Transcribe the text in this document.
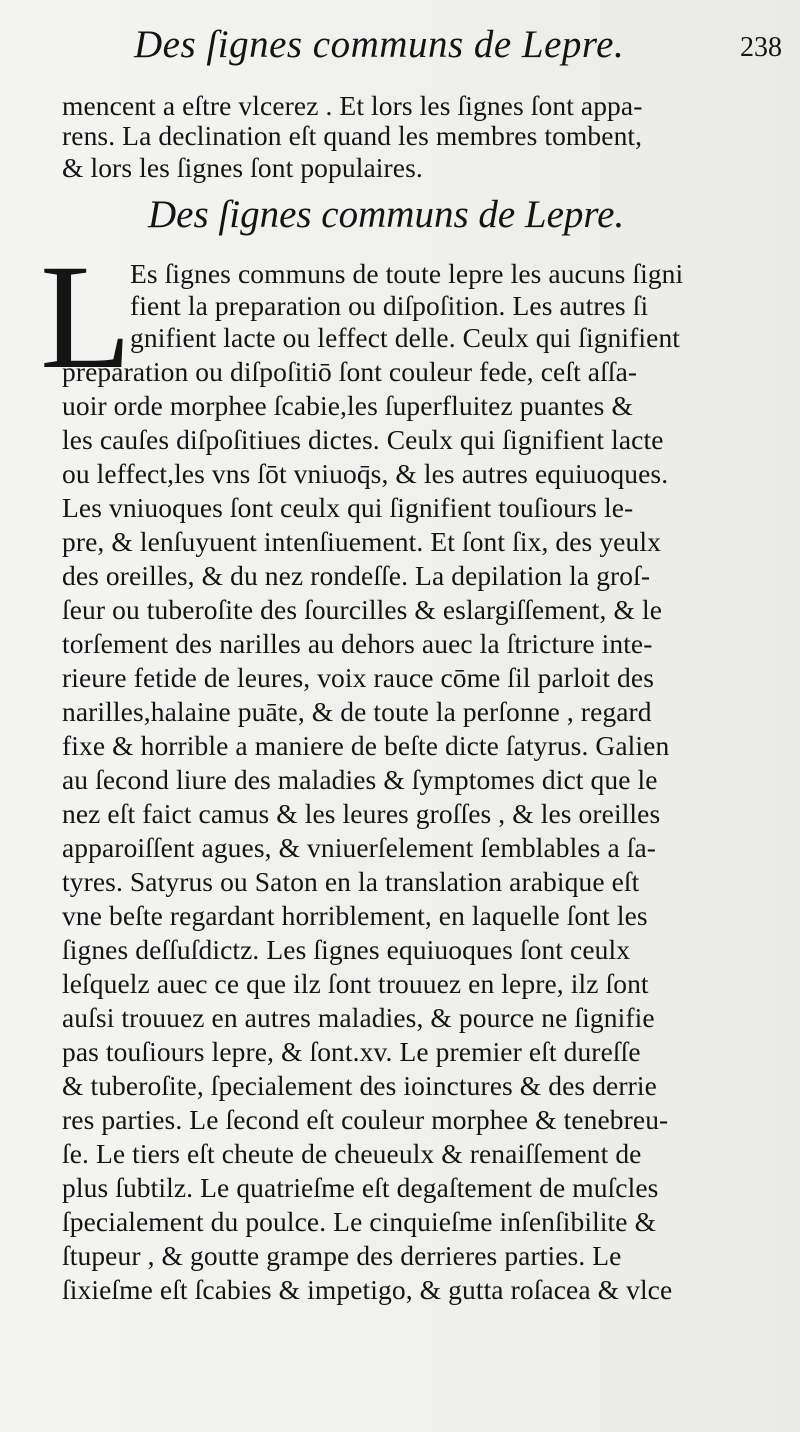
Des ſignes communs de Lepre.	238
mencent a eſtre vlcerez . Et lors les ſignes ſont appa-
rens. La declination eſt quand les membres tombent,
& lors les ſignes ſont populaires.
Des ſignes communs de Lepre.
L
Es ſignes communs de toute lepre les aucuns ſigni
fient la preparation ou diſpoſition. Les autres ſi
gnifient lacte ou leffect delle. Ceulx qui ſignifient
preparation ou diſpoſitiō ſont couleur fede, ceſt aſſa-
uoir orde morphee ſcabie,les ſuperfluitez puantes &
les cauſes diſpoſitiues dictes. Ceulx qui ſignifient lacte
ou leffect,les vns ſōt vniuoq̄s, & les autres equiuoques.
Les vniuoques ſont ceulx qui ſignifient touſiours le-
pre, & lenſuyuent intenſiuement. Et ſont ſix, des yeulx
des oreilles, & du nez rondeſſe. La depilation la groſ-
ſeur ou tuberoſite des ſourcilles & eslargiſſement, & le
torſement des narilles au dehors auec la ſtricture inte-
rieure fetide de leures, voix rauce cōme ſil parloit des
narilles,halaine puāte, & de toute la perſonne , regard
fixe & horrible a maniere de beſte dicte ſatyrus. Galien
au ſecond liure des maladies & ſymptomes dict que le
nez eſt faict camus & les leures groſſes , & les oreilles
apparoiſſent agues, & vniuerſelement ſemblables a ſa-
tyres. Satyrus ou Saton en la translation arabique eſt
vne beſte regardant horriblement, en laquelle ſont les
ſignes deſſuſdictz. Les ſignes equiuoques ſont ceulx
leſquelz auec ce que ilz ſont trouuez en lepre, ilz ſont
auſsi trouuez en autres maladies, & pource ne ſignifie
pas touſiours lepre, & ſont.xv. Le premier eſt dureſſe
& tuberoſite, ſpecialement des ioinctures & des derrie
res parties. Le ſecond eſt couleur morphee & tenebreu-
ſe. Le tiers eſt cheute de cheueulx & renaiſſement de
plus ſubtilz. Le quatrieſme eſt degaſtement de muſcles
ſpecialement du poulce. Le cinquieſme inſenſibilite &
ſtupeur , & goutte grampe des derrieres parties. Le
ſixieſme eſt ſcabies & impetigo, & gutta roſacea & vlce
